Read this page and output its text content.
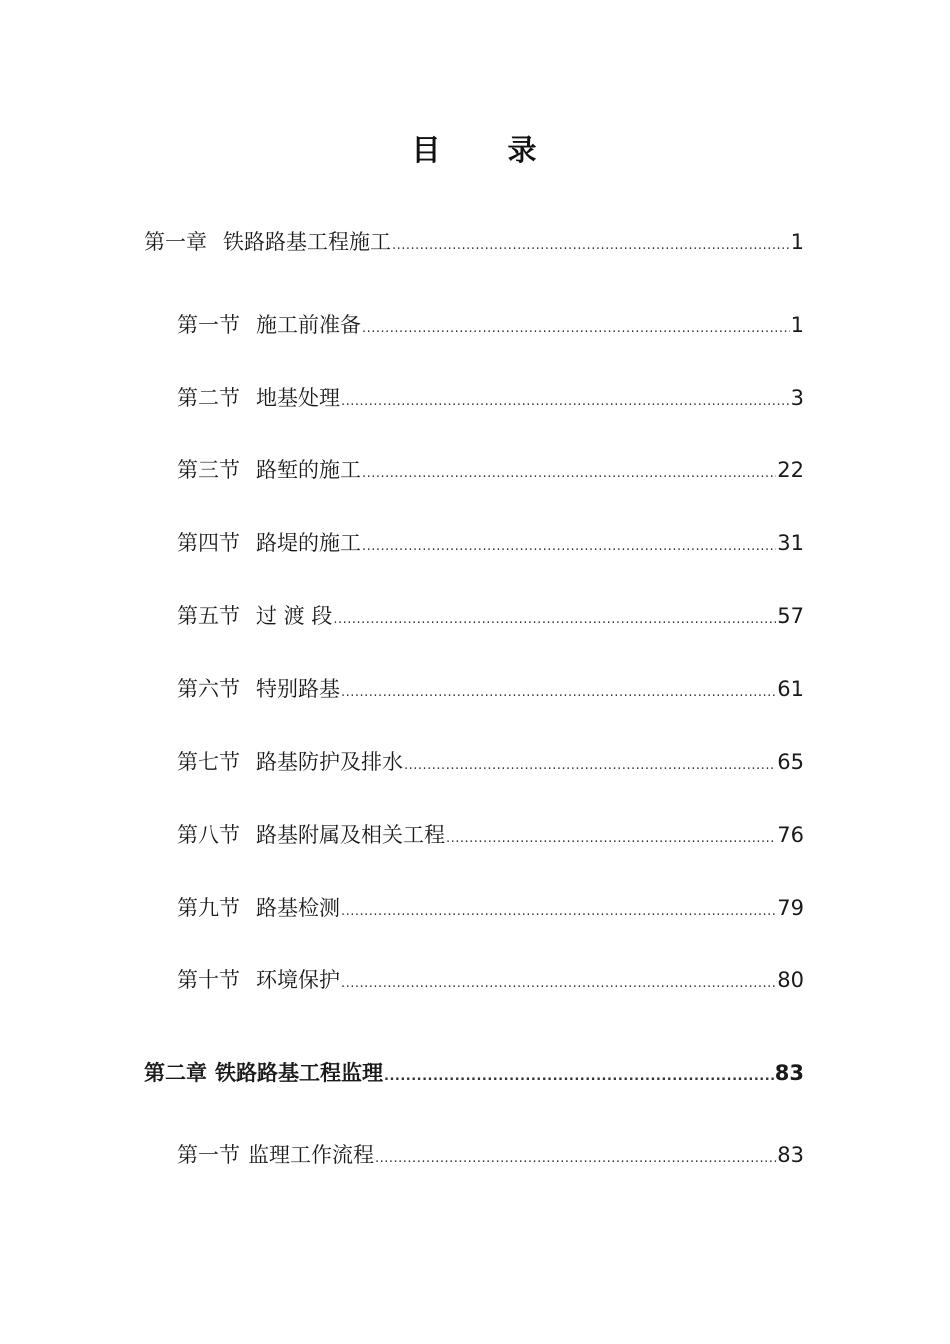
目 录
第一章 铁路路基工程施工 .....	1
第一节 施工前准备 .....	1
第二节 地基处理 .....	3
第三节 路堑的施工 .....	22
第四节 路堤的施工 .....	31
第五节 过 渡 段 .....	57
第六节 特别路基 .....	61
第七节 路基防护及排水 .....	65
第八节 路基附属及相关工程 .....	76
第九节 路基检测 .....	79
第十节 环境保护 .....	80
第二章 铁路路基工程监理 .....	83
第一节 监理工作流程 .....	83
